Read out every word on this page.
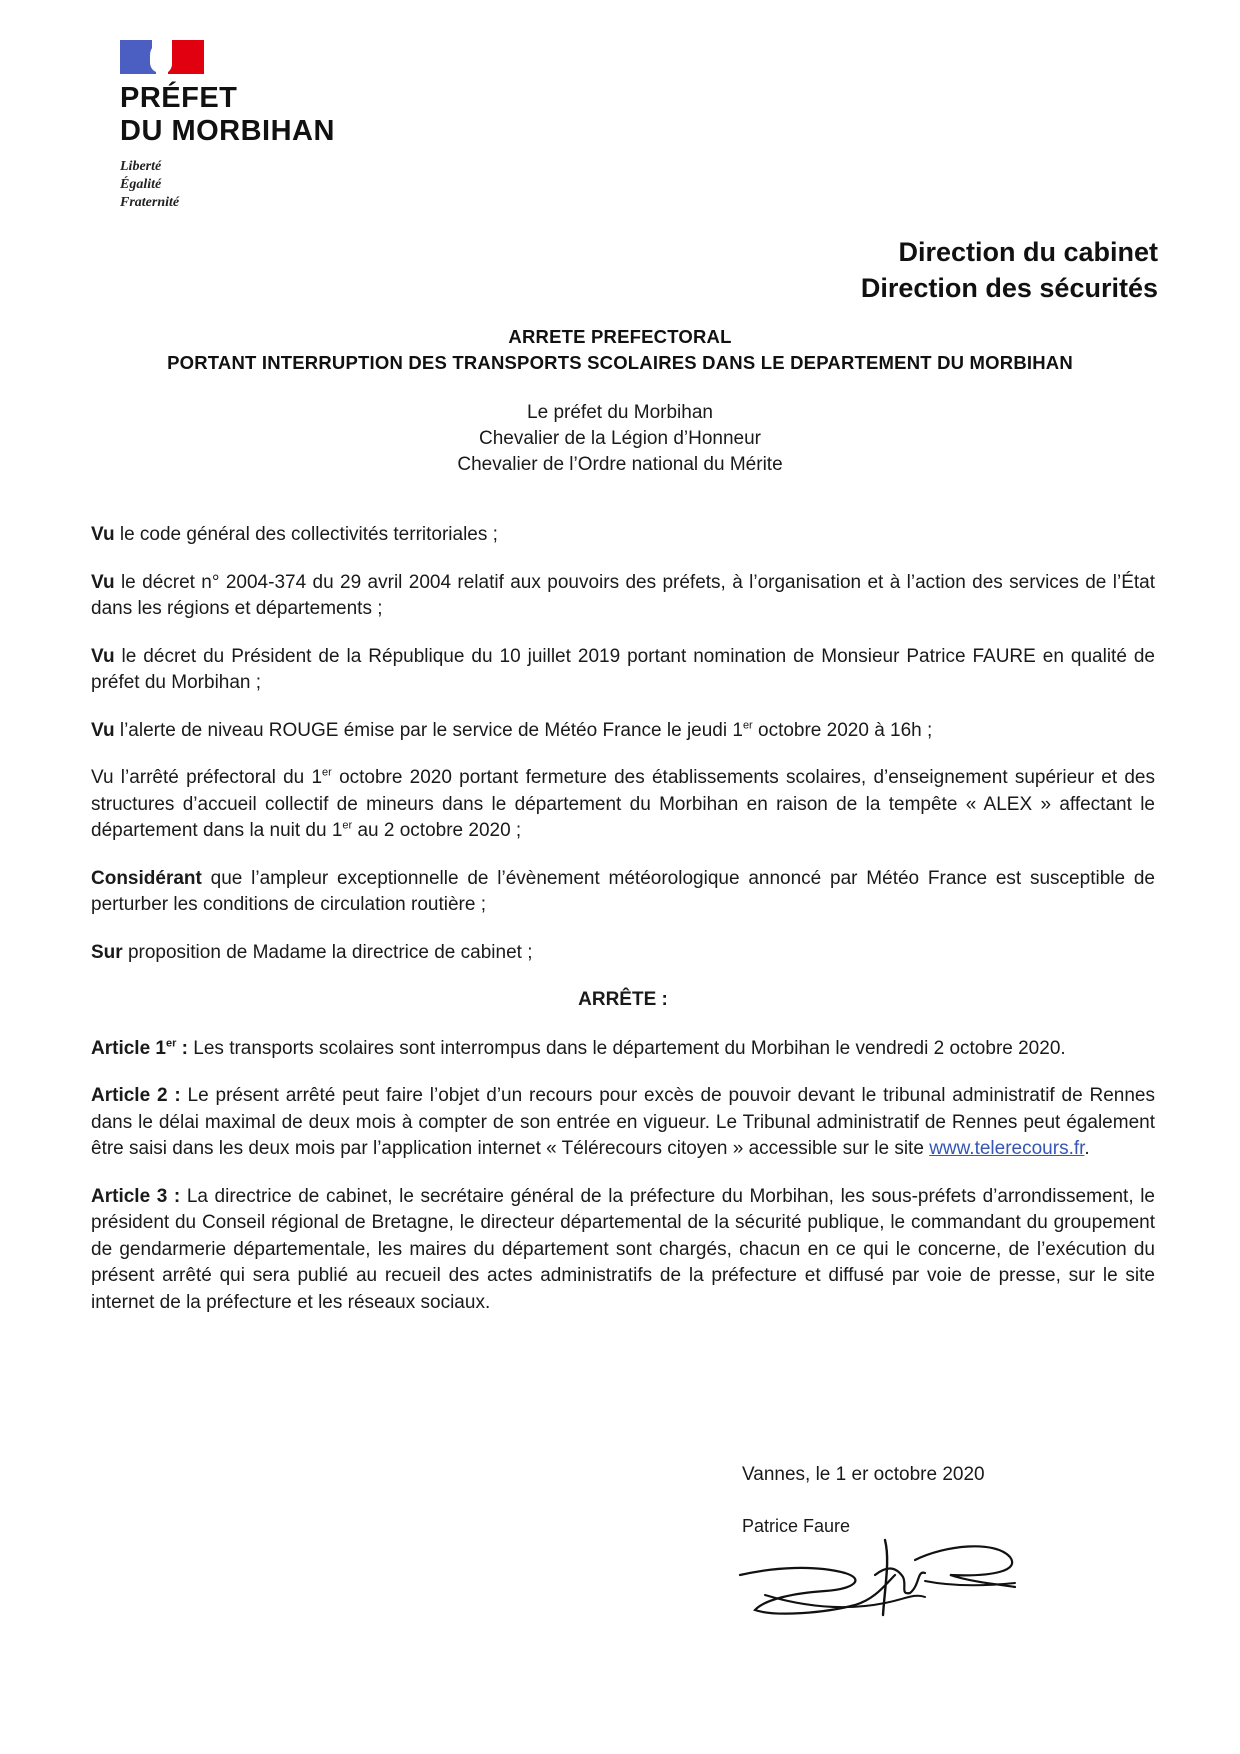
PRÉFET
DU MORBIHAN
Liberté
Égalité
Fraternité
Direction du cabinet
Direction des sécurités
ARRETE PREFECTORAL
PORTANT INTERRUPTION DES TRANSPORTS SCOLAIRES DANS LE DEPARTEMENT DU MORBIHAN
Le préfet du Morbihan
Chevalier de la Légion d’Honneur
Chevalier de l’Ordre national du Mérite

Vu le code général des collectivités territoriales ;

Vu le décret n° 2004-374 du 29 avril 2004 relatif aux pouvoirs des préfets, à l’organisation et à l’action des services de l’État dans les régions et départements ;

Vu le décret du Président de la République du 10 juillet 2019 portant nomination de Monsieur Patrice FAURE en qualité de préfet du Morbihan ;

Vu l’alerte de niveau ROUGE émise par le service de Météo France le jeudi 1er octobre 2020 à 16h ;

Vu l’arrêté préfectoral du 1er octobre 2020 portant fermeture des établissements scolaires, d’enseignement supérieur et des structures d’accueil collectif de mineurs dans le département du Morbihan en raison de la tempête « ALEX » affectant le département dans la nuit du 1er au 2 octobre 2020 ;

Considérant que l’ampleur exceptionnelle de l’évènement météorologique annoncé par Météo France est susceptible de perturber les conditions de circulation routière ;

Sur proposition de Madame la directrice de cabinet ;

ARRÊTE :

Article 1er : Les transports scolaires sont interrompus dans le département du Morbihan le vendredi 2 octobre 2020.

Article 2 : Le présent arrêté peut faire l’objet d’un recours pour excès de pouvoir devant le tribunal administratif de Rennes dans le délai maximal de deux mois à compter de son entrée en vigueur. Le Tribunal administratif de Rennes peut également être saisi dans les deux mois par l’application internet « Télérecours citoyen » accessible sur le site www.telerecours.fr.

Article 3 : La directrice de cabinet, le secrétaire général de la préfecture du Morbihan, les sous-préfets d’arrondissement, le président du Conseil régional de Bretagne, le directeur départemental de la sécurité publique, le commandant du groupement de gendarmerie départementale, les maires du département sont chargés, chacun en ce qui le concerne, de l’exécution du présent arrêté qui sera publié au recueil des actes administratifs de la préfecture et diffusé par voie de presse, sur le site internet de la préfecture et les réseaux sociaux.

Vannes, le 1 er octobre 2020
Patrice Faure
